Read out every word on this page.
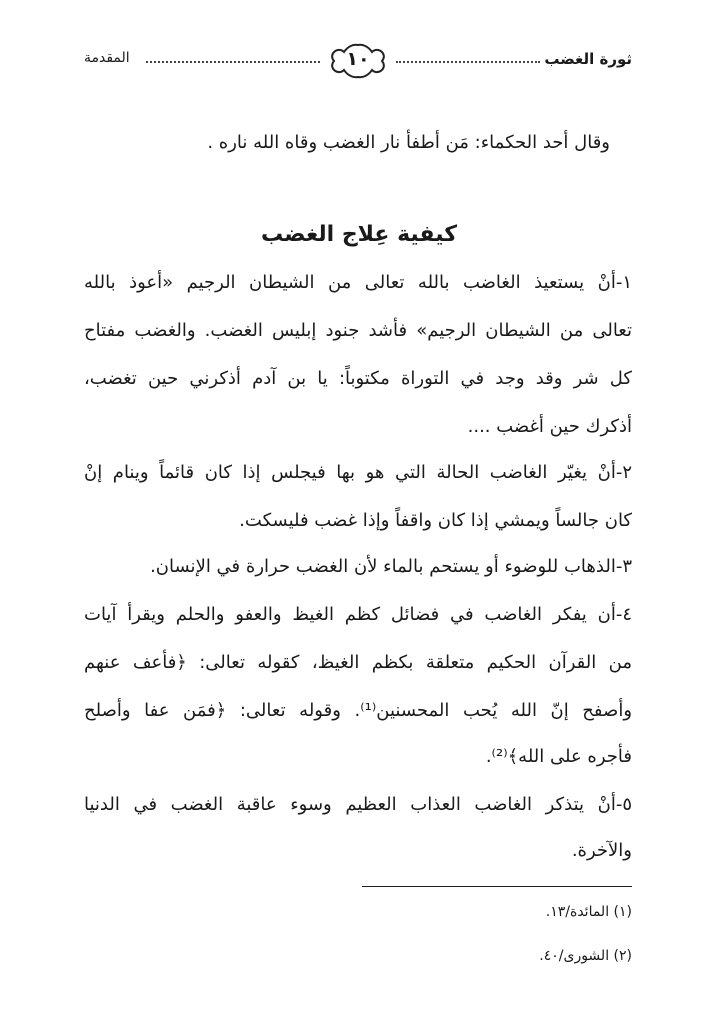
ثورة الغضب
١٠
المقدمة
وقال أحد الحكماء: مَن أطفأ نار الغضب وقاه الله ناره .
كيفية عِلاج الغضب
١-أنْ يستعيذ الغاضب بالله تعالى من الشيطان الرجيم «أعوذ بالله
تعالى من الشيطان الرجيم» فأشد جنود إبليس الغضب. والغضب مفتاح
كل شر وقد وجد في التوراة مكتوباً: يا بن آدم أذكرني حين تغضب،
أذكرك حين أغضب ....
٢-أنْ يغيّر الغاضب الحالة التي هو بها فيجلس إذا كان قائماً وينام إنْ
كان جالساً ويمشي إذا كان واقفاً وإذا غضب فليسكت.
٣-الذهاب للوضوء أو يستحم بالماء لأن الغضب حرارة في الإنسان.
٤-أن يفكر الغاضب في فضائل كظم الغيظ والعفو والحلم ويقرأ آيات
من القرآن الحكيم متعلقة بكظم الغيظ، كقوله تعالى: ﴿فأعف عنهم
وأصفح إنّ الله يُحب المحسنين⁽¹⁾. وقوله تعالى: ﴿فمَن عفا وأصلح
فأجره على الله﴾⁽²⁾.
٥-أنْ يتذكر الغاضب العذاب العظيم وسوء عاقبة الغضب في الدنيا
والآخرة.
(١) المائدة/١٣.
(٢) الشورى/٤٠.
